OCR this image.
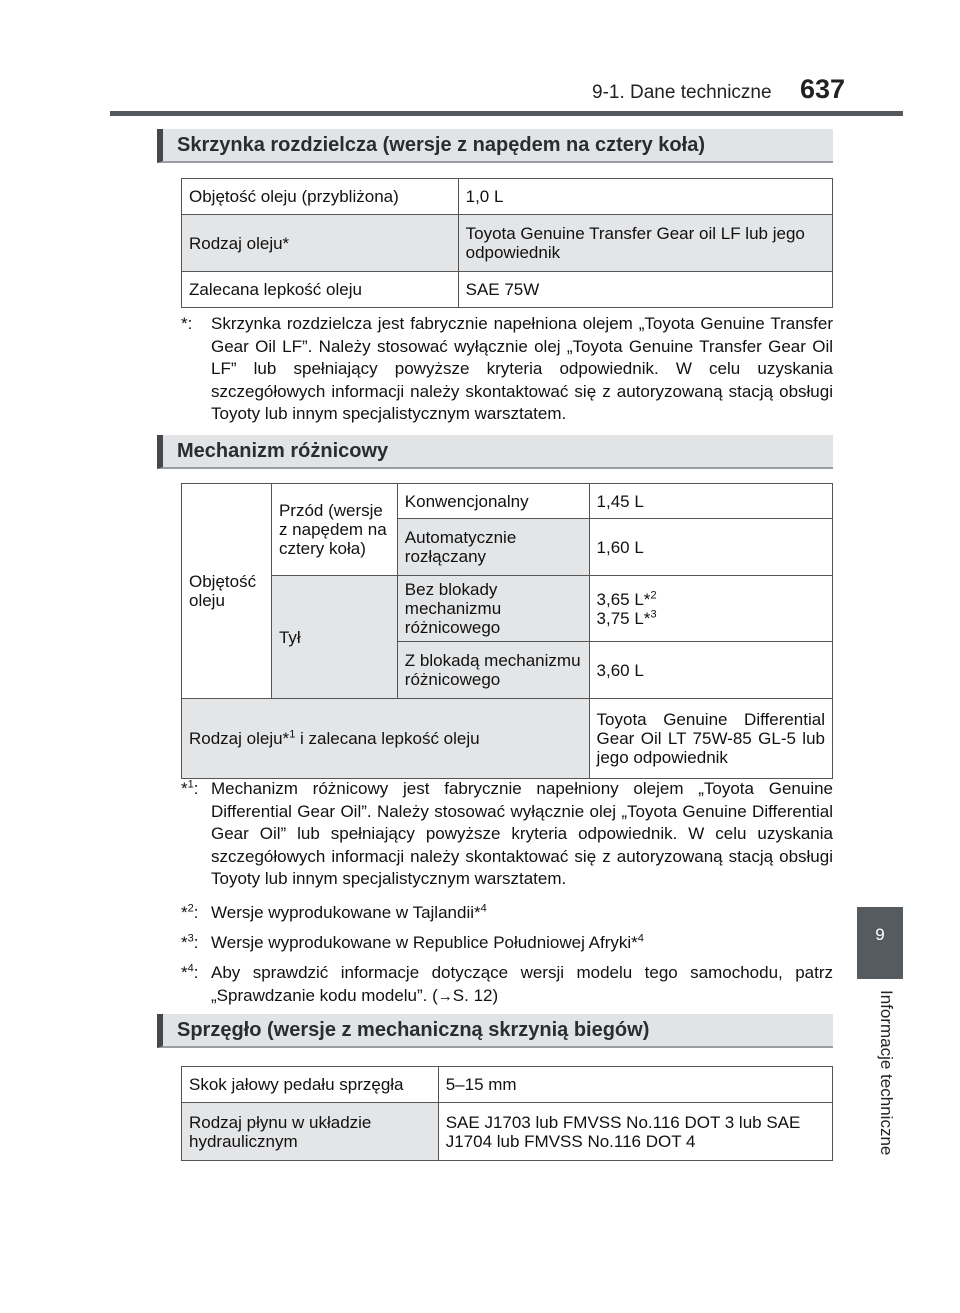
9-1. Dane techniczne 637
9
Informacje techniczne
Skrzynka rozdzielcza (wersje z napędem na cztery koła)
Objętość oleju (przybliżona)	1,0 L
Rodzaj oleju*	Toyota Genuine Transfer Gear oil LF lub jego odpowiednik
Zalecana lepkość oleju	SAE 75W
*: Skrzynka rozdzielcza jest fabrycznie napełniona olejem „Toyota Genuine Transfer Gear Oil LF”. Należy stosować wyłącznie olej „Toyota Genuine Transfer Gear Oil LF” lub spełniający powyższe kryteria odpowiednik. W celu uzyskania szczegółowych informacji należy skontaktować się z autoryzowaną stacją obsługi Toyoty lub innym specjalistycznym warsztatem.
Mechanizm różnicowy
Objętość oleju	Przód (wersje z napędem na cztery koła)	Konwencjonalny	1,45 L
		Automatycznie rozłączany	1,60 L
	Tył	Bez blokady mechanizmu różnicowego	3,65 L*$^2$
3,75 L*$^3$
		Z blokadą mechanizmu różnicowego	3,60 L
Rodzaj oleju*$^1$ i zalecana lepkość oleju			Toyota Genuine Differential Gear Oil LT 75W-85 GL-5 lub jego odpowiednik
*$^1$: Mechanizm różnicowy jest fabrycznie napełniony olejem „Toyota Genuine Differential Gear Oil”. Należy stosować wyłącznie olej „Toyota Genuine Differential Gear Oil” lub spełniający powyższe kryteria odpowiednik. W celu uzyskania szczegółowych informacji należy skontaktować się z autoryzowaną stacją obsługi Toyoty lub innym specjalistycznym warsztatem.
*$^2$: Wersje wyprodukowane w Tajlandii*$^4$
*$^3$: Wersje wyprodukowane w Republice Południowej Afryki*$^4$
*$^4$: Aby sprawdzić informacje dotyczące wersji modelu tego samochodu, patrz „Sprawdzanie kodu modelu”. (→S. 12)
Sprzęgło (wersje z mechaniczną skrzynią biegów)
Skok jałowy pedału sprzęgła	5–15 mm
Rodzaj płynu w układzie hydraulicznym	SAE J1703 lub FMVSS No.116 DOT 3 lub SAE J1704 lub FMVSS No.116 DOT 4
